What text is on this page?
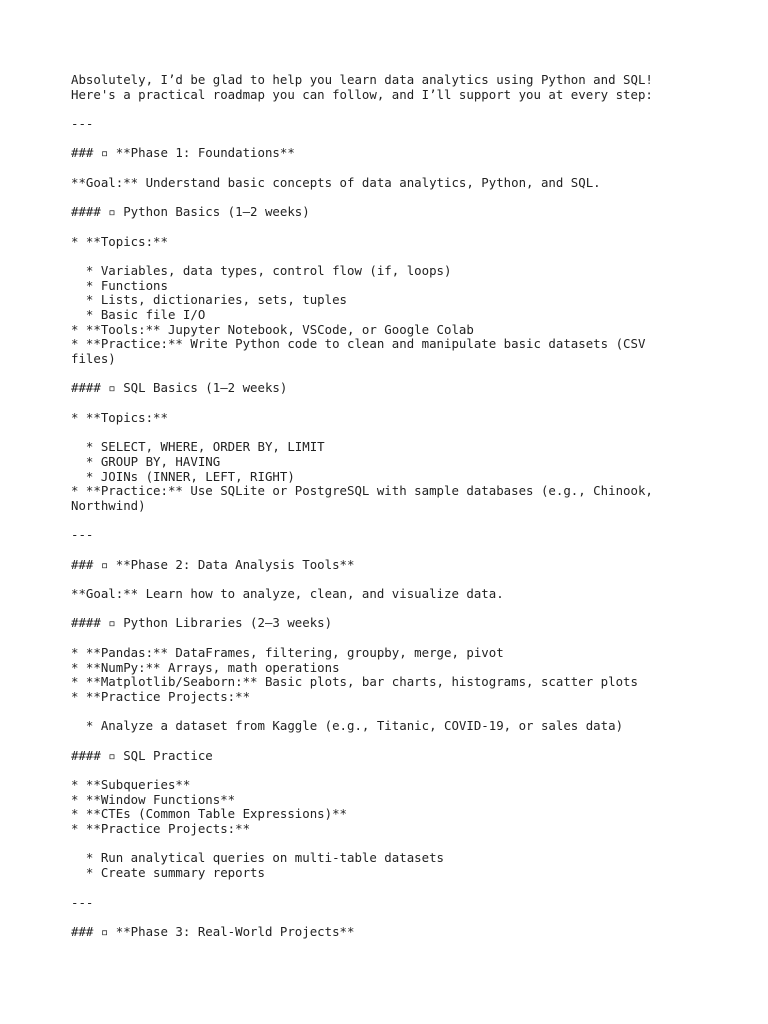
Absolutely, I’d be glad to help you learn data analytics using Python and SQL!
Here's a practical roadmap you can follow, and I’ll support you at every step:
---
### ▫ **Phase 1: Foundations**
**Goal:** Understand basic concepts of data analytics, Python, and SQL.
#### ▫ Python Basics (1–2 weeks)
* **Topics:**
* Variables, data types, control flow (if, loops)
* Functions
* Lists, dictionaries, sets, tuples
* Basic file I/O
* **Tools:** Jupyter Notebook, VSCode, or Google Colab
* **Practice:** Write Python code to clean and manipulate basic datasets (CSV
files)
#### ▫ SQL Basics (1–2 weeks)
* **Topics:**
* SELECT, WHERE, ORDER BY, LIMIT
* GROUP BY, HAVING
* JOINs (INNER, LEFT, RIGHT)
* **Practice:** Use SQLite or PostgreSQL with sample databases (e.g., Chinook,
Northwind)
---
### ▫ **Phase 2: Data Analysis Tools**
**Goal:** Learn how to analyze, clean, and visualize data.
#### ▫ Python Libraries (2–3 weeks)
* **Pandas:** DataFrames, filtering, groupby, merge, pivot
* **NumPy:** Arrays, math operations
* **Matplotlib/Seaborn:** Basic plots, bar charts, histograms, scatter plots
* **Practice Projects:**
* Analyze a dataset from Kaggle (e.g., Titanic, COVID-19, or sales data)
#### ▫ SQL Practice
* **Subqueries**
* **Window Functions**
* **CTEs (Common Table Expressions)**
* **Practice Projects:**
* Run analytical queries on multi-table datasets
* Create summary reports
---
### ▫ **Phase 3: Real-World Projects**
